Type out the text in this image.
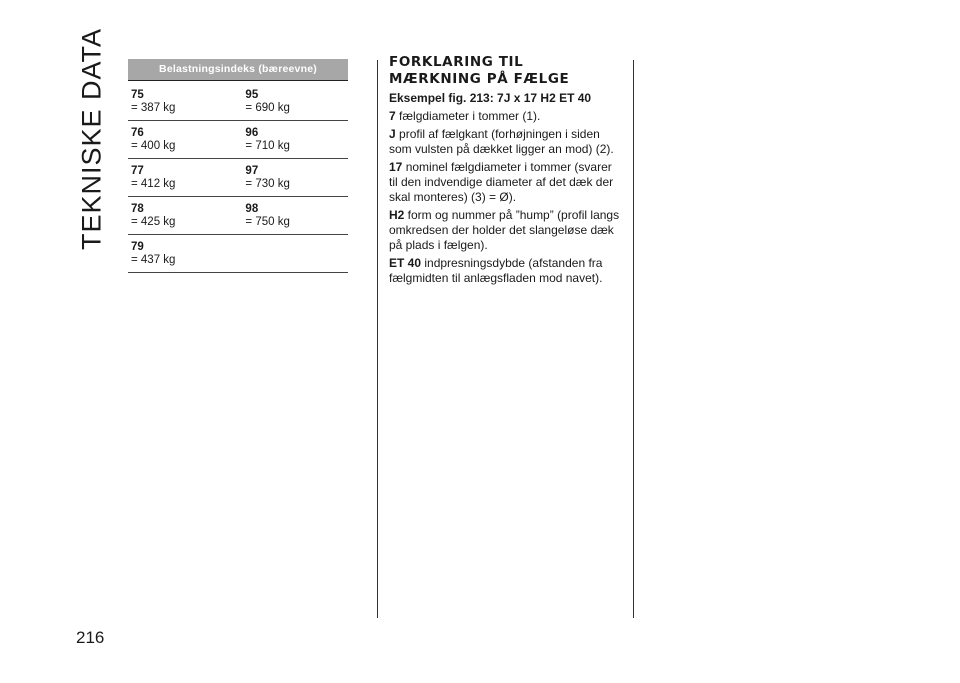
TEKNISKE DATA
216
Belastningsindeks (bæreevne)
75
= 387 kg
95
= 690 kg
76
= 400 kg
96
= 710 kg
77
= 412 kg
97
= 730 kg
78
= 425 kg
98
= 750 kg
79
= 437 kg
FORKLARING TIL MÆRKNING PÅ FÆLGE
Eksempel fig. 213: 7J x 17 H2 ET 40

7 fælgdiameter i tommer (1).

J profil af fælgkant (forhøjningen i siden som vulsten på dækket ligger an mod) (2).

17 nominel fælgdiameter i tommer (svarer til den indvendige diameter af det dæk der skal monteres) (3) = Ø).

H2 form og nummer på ”hump” (profil langs omkredsen der holder det slangeløse dæk på plads i fælgen).

ET 40 indpresningsdybde (afstanden fra fælgmidten til anlægsfladen mod navet).
